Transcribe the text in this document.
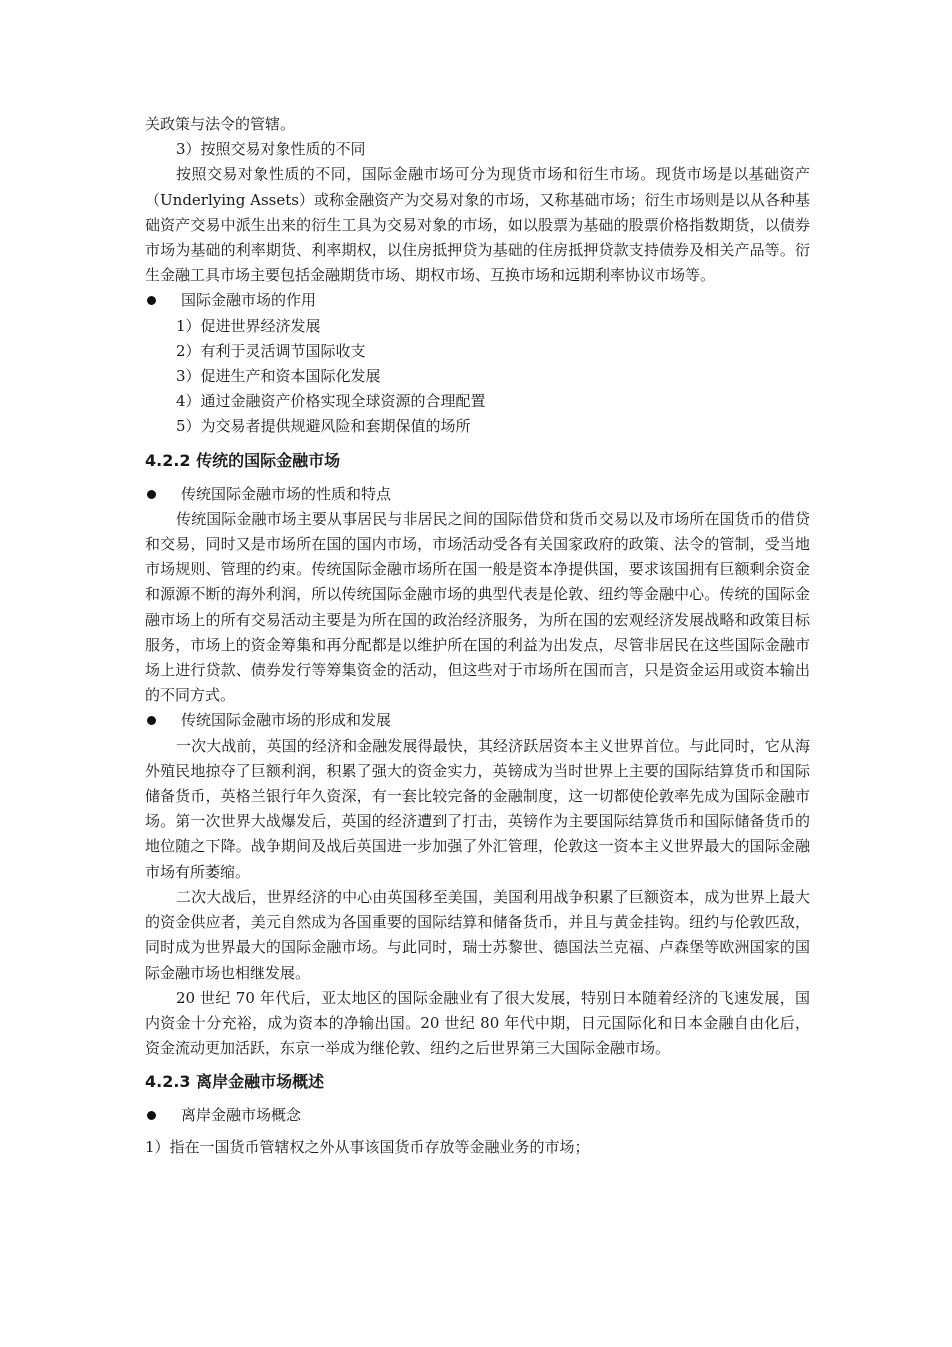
关政策与法令的管辖。

3）按照交易对象性质的不同

按照交易对象性质的不同，国际金融市场可分为现货市场和衍生市场。现货市场是以基础资产（Underlying Assets）或称金融资产为交易对象的市场，又称基础市场；衍生市场则是以从各种基础资产交易中派生出来的衍生工具为交易对象的市场，如以股票为基础的股票价格指数期货，以债券市场为基础的利率期货、利率期权，以住房抵押贷为基础的住房抵押贷款支持债券及相关产品等。衍生金融工具市场主要包括金融期货市场、期权市场、互换市场和远期利率协议市场等。

国际金融市场的作用

1）促进世界经济发展

2）有利于灵活调节国际收支

3）促进生产和资本国际化发展

4）通过金融资产价格实现全球资源的合理配置

5）为交易者提供规避风险和套期保值的场所

4.2.2 传统的国际金融市场
传统国际金融市场的性质和特点

传统国际金融市场主要从事居民与非居民之间的国际借贷和货币交易以及市场所在国货币的借贷和交易，同时又是市场所在国的国内市场，市场活动受各有关国家政府的政策、法令的管制，受当地市场规则、管理的约束。传统国际金融市场所在国一般是资本净提供国，要求该国拥有巨额剩余资金和源源不断的海外利润，所以传统国际金融市场的典型代表是伦敦、纽约等金融中心。传统的国际金融市场上的所有交易活动主要是为所在国的政治经济服务，为所在国的宏观经济发展战略和政策目标服务，市场上的资金筹集和再分配都是以维护所在国的利益为出发点，尽管非居民在这些国际金融市场上进行贷款、债券发行等筹集资金的活动，但这些对于市场所在国而言，只是资金运用或资本输出的不同方式。

传统国际金融市场的形成和发展

一次大战前，英国的经济和金融发展得最快，其经济跃居资本主义世界首位。与此同时，它从海外殖民地掠夺了巨额利润，积累了强大的资金实力，英镑成为当时世界上主要的国际结算货币和国际储备货币，英格兰银行年久资深，有一套比较完备的金融制度，这一切都使伦敦率先成为国际金融市场。第一次世界大战爆发后，英国的经济遭到了打击，英镑作为主要国际结算货币和国际储备货币的地位随之下降。战争期间及战后英国进一步加强了外汇管理，伦敦这一资本主义世界最大的国际金融市场有所萎缩。

二次大战后，世界经济的中心由英国移至美国，美国利用战争积累了巨额资本，成为世界上最大的资金供应者，美元自然成为各国重要的国际结算和储备货币，并且与黄金挂钩。纽约与伦敦匹敌，同时成为世界最大的国际金融市场。与此同时，瑞士苏黎世、德国法兰克福、卢森堡等欧洲国家的国际金融市场也相继发展。

20 世纪 70 年代后，亚太地区的国际金融业有了很大发展，特别日本随着经济的飞速发展，国内资金十分充裕，成为资本的净输出国。20 世纪 80 年代中期，日元国际化和日本金融自由化后，资金流动更加活跃，东京一举成为继伦敦、纽约之后世界第三大国际金融市场。

4.2.3 离岸金融市场概述
离岸金融市场概念

1）指在一国货币管辖权之外从事该国货币存放等金融业务的市场；
